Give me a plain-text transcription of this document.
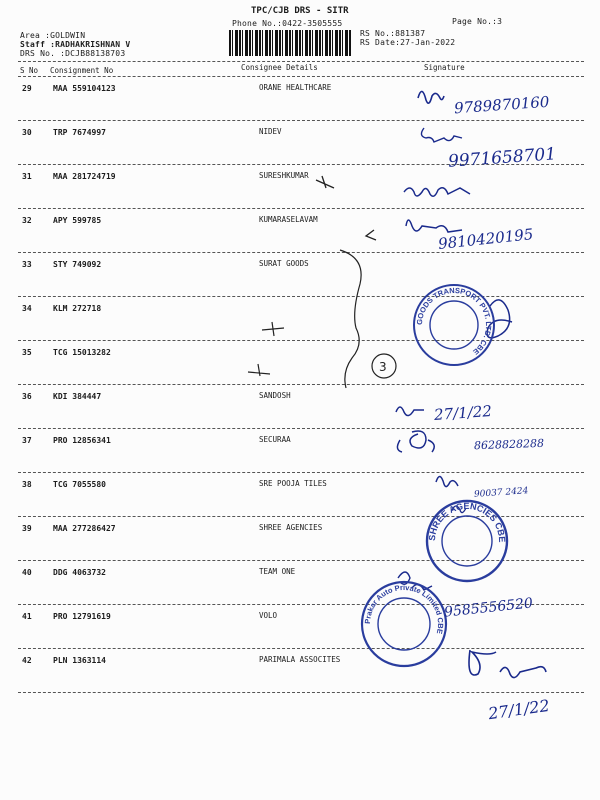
TPC/CJB DRS - SITR
Phone No.:0422-3505555	Page No.:3
Area :GOLDWIN
Staff :RADHAKRISHNAN V
DRS No. :DCJB88138703
RS No.:881387
RS Date:27-Jan-2022
S No Consignment No	Consignee Details	Signature
29	MAA 559104123	ORANE HEALTHCARE
30	TRP 7674997	NIDEV
31	MAA 281724719	SURESHKUMAR
32	APY 599785	KUMARASELAVAM
33	STY 749092	SURAT GOODS
34	KLM 272718
35	TCG 15013282
36	KDI 384447	SANDOSH
37	PRO 12856341	SECURAA
38	TCG 7055580	SRE POOJA TILES
39	MAA 277286427	SHREE AGENCIES
40	DDG 4063732	TEAM ONE
41	PRO 12791619	VOLO
42	PLN 1363114	PARIMALA ASSOCITES
3
GOODS TRANSPORT PVT. LTD. CBE
SHREE AGENCIES CBE
Prakar Auto Private Limited CBE
9789870160
9971658701
9810420195
27/1/22
8628828288
90037 2424
9585556520
27/1/22
